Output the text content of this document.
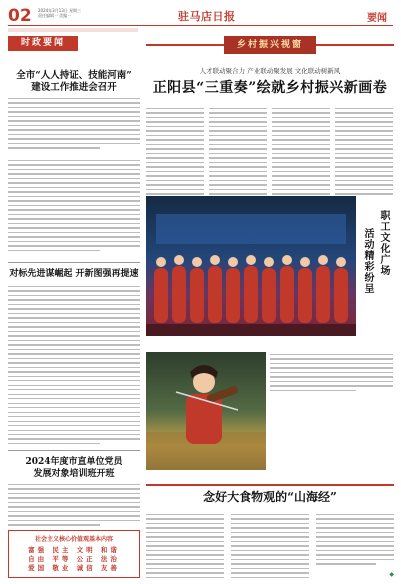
02 2024年3月13日 星期三
责任编辑 ·· 美编 ··	驻马店日报	要闻
时政要闻
全市“人人持证、技能河南”
建设工作推进会召开
对标先进谋崛起 开新图强再提速
2024年度市直单位党员
发展对象培训班开班
社会主义核心价值观基本内容
富强 民主 文明 和谐
自由 平等 公正 法治
爱国 敬业 诚信 友善
乡村振兴视窗
人才联动聚合力 产业联动聚发展 文化联动树新风
正阳县“三重奏”绘就乡村振兴新画卷
职工文化广场
活动精彩纷呈
念好大食物观的“山海经”
◆
